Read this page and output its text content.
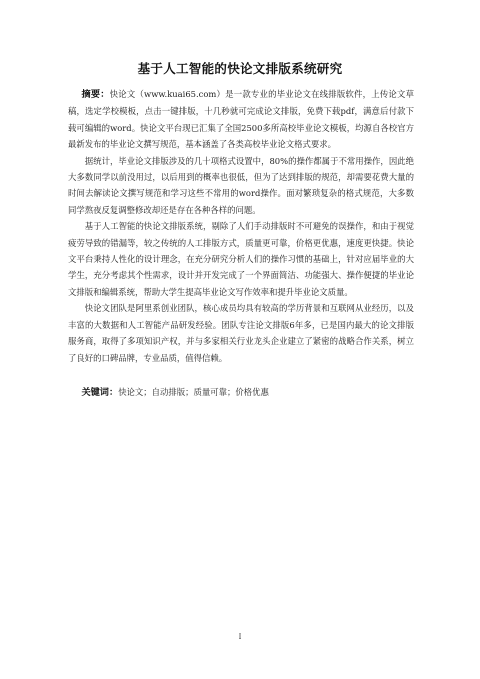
基于人工智能的快论文排版系统研究

摘要：快论文（www.kuai65.com）是一款专业的毕业论文在线排版软件，上传论文草稿，选定学校模板，点击一键排版，十几秒就可完成论文排版，免费下载pdf，满意后付款下载可编辑的word。快论文平台现已汇集了全国2500多所高校毕业论文模板，均源自各校官方最新发布的毕业论文撰写规范，基本涵盖了各类高校毕业论文格式要求。

据统计，毕业论文排版涉及的几十项格式设置中，80%的操作都属于不常用操作，因此绝大多数同学以前没用过，以后用到的概率也很低，但为了达到排版的规范，却需要花费大量的时间去解读论文撰写规范和学习这些不常用的word操作。面对繁琐复杂的格式规范，大多数同学熬夜反复调整修改却还是存在各种各样的问题。

基于人工智能的快论文排版系统，剔除了人们手动排版时不可避免的误操作，和由于视觉疲劳导致的错漏等，较之传统的人工排版方式，质量更可靠，价格更优惠，速度更快捷。快论文平台秉持人性化的设计理念，在充分研究分析人们的操作习惯的基础上，针对应届毕业的大学生，充分考虑其个性需求，设计并开发完成了一个界面简洁、功能强大、操作便捷的毕业论文排版和编辑系统，帮助大学生提高毕业论文写作效率和提升毕业论文质量。

快论文团队是阿里系创业团队，核心成员均具有较高的学历背景和互联网从业经历，以及丰富的大数据和人工智能产品研发经验。团队专注论文排版6年多，已是国内最大的论文排版服务商，取得了多项知识产权，并与多家相关行业龙头企业建立了紧密的战略合作关系，树立了良好的口碑品牌，专业品质，值得信赖。

关键词：快论文；自动排版；质量可靠；价格优惠

I
